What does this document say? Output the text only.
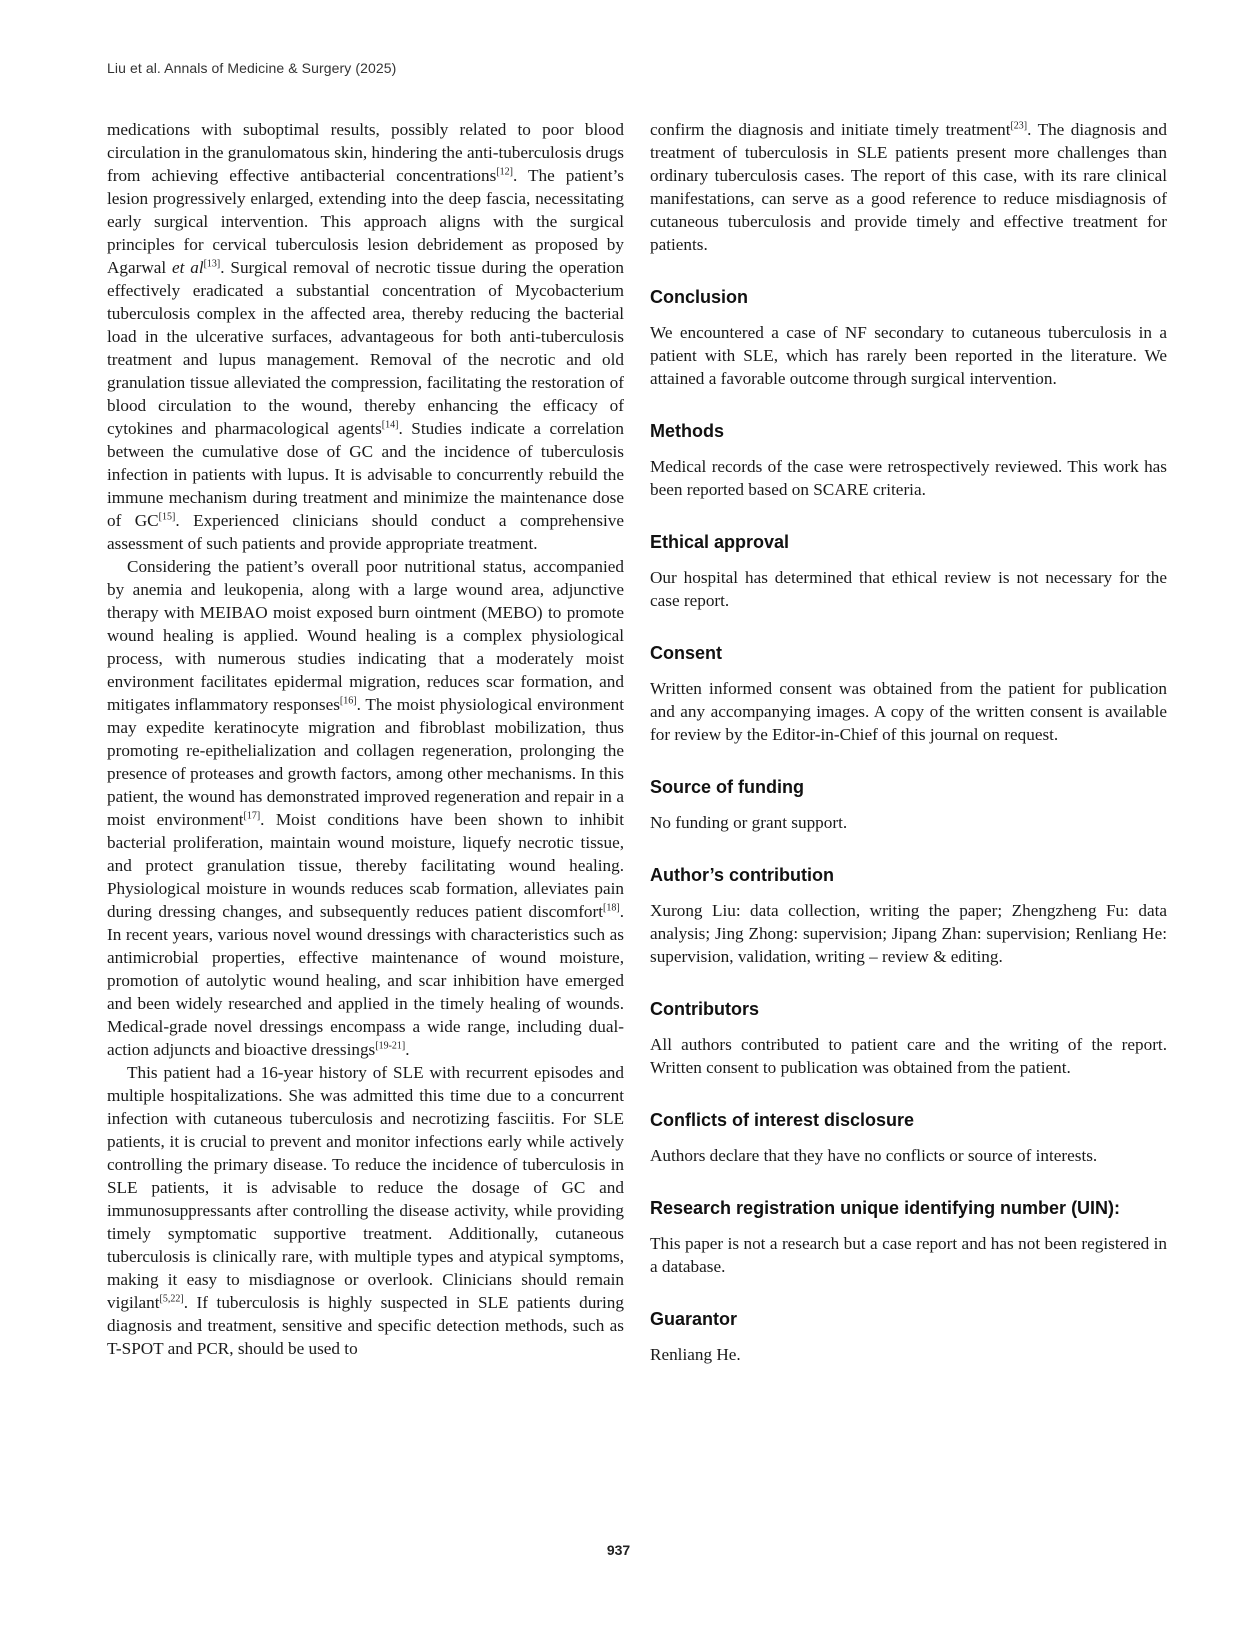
Liu et al. Annals of Medicine & Surgery (2025)

medications with suboptimal results, possibly related to poor blood circulation in the granulomatous skin, hindering the anti-tuberculosis drugs from achieving effective antibacterial concentrations[12]. The patient’s lesion progressively enlarged, extending into the deep fascia, necessitating early surgical intervention. This approach aligns with the surgical principles for cervical tuberculosis lesion debridement as proposed by Agarwal et al[13]. Surgical removal of necrotic tissue during the operation effectively eradicated a substantial concentration of Mycobacterium tuberculosis complex in the affected area, thereby reducing the bacterial load in the ulcerative surfaces, advantageous for both anti-tuberculosis treatment and lupus management. Removal of the necrotic and old granulation tissue alleviated the compression, facilitating the restoration of blood circulation to the wound, thereby enhancing the efficacy of cytokines and pharmacological agents[14]. Studies indicate a correlation between the cumulative dose of GC and the incidence of tuberculosis infection in patients with lupus. It is advisable to concurrently rebuild the immune mechanism during treatment and minimize the maintenance dose of GC[15]. Experienced clinicians should conduct a comprehensive assessment of such patients and provide appropriate treatment.

Considering the patient’s overall poor nutritional status, accompanied by anemia and leukopenia, along with a large wound area, adjunctive therapy with MEIBAO moist exposed burn ointment (MEBO) to promote wound healing is applied. Wound healing is a complex physiological process, with numerous studies indicating that a moderately moist environment facilitates epidermal migration, reduces scar formation, and mitigates inflammatory responses[16]. The moist physiological environment may expedite keratinocyte migration and fibroblast mobilization, thus promoting re-epithelialization and collagen regeneration, prolonging the presence of proteases and growth factors, among other mechanisms. In this patient, the wound has demonstrated improved regeneration and repair in a moist environment[17]. Moist conditions have been shown to inhibit bacterial proliferation, maintain wound moisture, liquefy necrotic tissue, and protect granulation tissue, thereby facilitating wound healing. Physiological moisture in wounds reduces scab formation, alleviates pain during dressing changes, and subsequently reduces patient discomfort[18]. In recent years, various novel wound dressings with characteristics such as antimicrobial properties, effective maintenance of wound moisture, promotion of autolytic wound healing, and scar inhibition have emerged and been widely researched and applied in the timely healing of wounds. Medical-grade novel dressings encompass a wide range, including dual-action adjuncts and bioactive dressings[19-21].

This patient had a 16-year history of SLE with recurrent episodes and multiple hospitalizations. She was admitted this time due to a concurrent infection with cutaneous tuberculosis and necrotizing fasciitis. For SLE patients, it is crucial to prevent and monitor infections early while actively controlling the primary disease. To reduce the incidence of tuberculosis in SLE patients, it is advisable to reduce the dosage of GC and immunosuppressants after controlling the disease activity, while providing timely symptomatic supportive treatment. Additionally, cutaneous tuberculosis is clinically rare, with multiple types and atypical symptoms, making it easy to misdiagnose or overlook. Clinicians should remain vigilant[5,22]. If tuberculosis is highly suspected in SLE patients during diagnosis and treatment, sensitive and specific detection methods, such as T-SPOT and PCR, should be used to

confirm the diagnosis and initiate timely treatment[23]. The diagnosis and treatment of tuberculosis in SLE patients present more challenges than ordinary tuberculosis cases. The report of this case, with its rare clinical manifestations, can serve as a good reference to reduce misdiagnosis of cutaneous tuberculosis and provide timely and effective treatment for patients.

Conclusion

We encountered a case of NF secondary to cutaneous tuberculosis in a patient with SLE, which has rarely been reported in the literature. We attained a favorable outcome through surgical intervention.

Methods

Medical records of the case were retrospectively reviewed. This work has been reported based on SCARE criteria.

Ethical approval

Our hospital has determined that ethical review is not necessary for the case report.

Consent

Written informed consent was obtained from the patient for publication and any accompanying images. A copy of the written consent is available for review by the Editor-in-Chief of this journal on request.

Source of funding

No funding or grant support.

Author’s contribution

Xurong Liu: data collection, writing the paper; Zhengzheng Fu: data analysis; Jing Zhong: supervision; Jipang Zhan: supervision; Renliang He: supervision, validation, writing – review & editing.

Contributors

All authors contributed to patient care and the writing of the report. Written consent to publication was obtained from the patient.

Conflicts of interest disclosure

Authors declare that they have no conflicts or source of interests.

Research registration unique identifying number (UIN):

This paper is not a research but a case report and has not been registered in a database.

Guarantor

Renliang He.

937
